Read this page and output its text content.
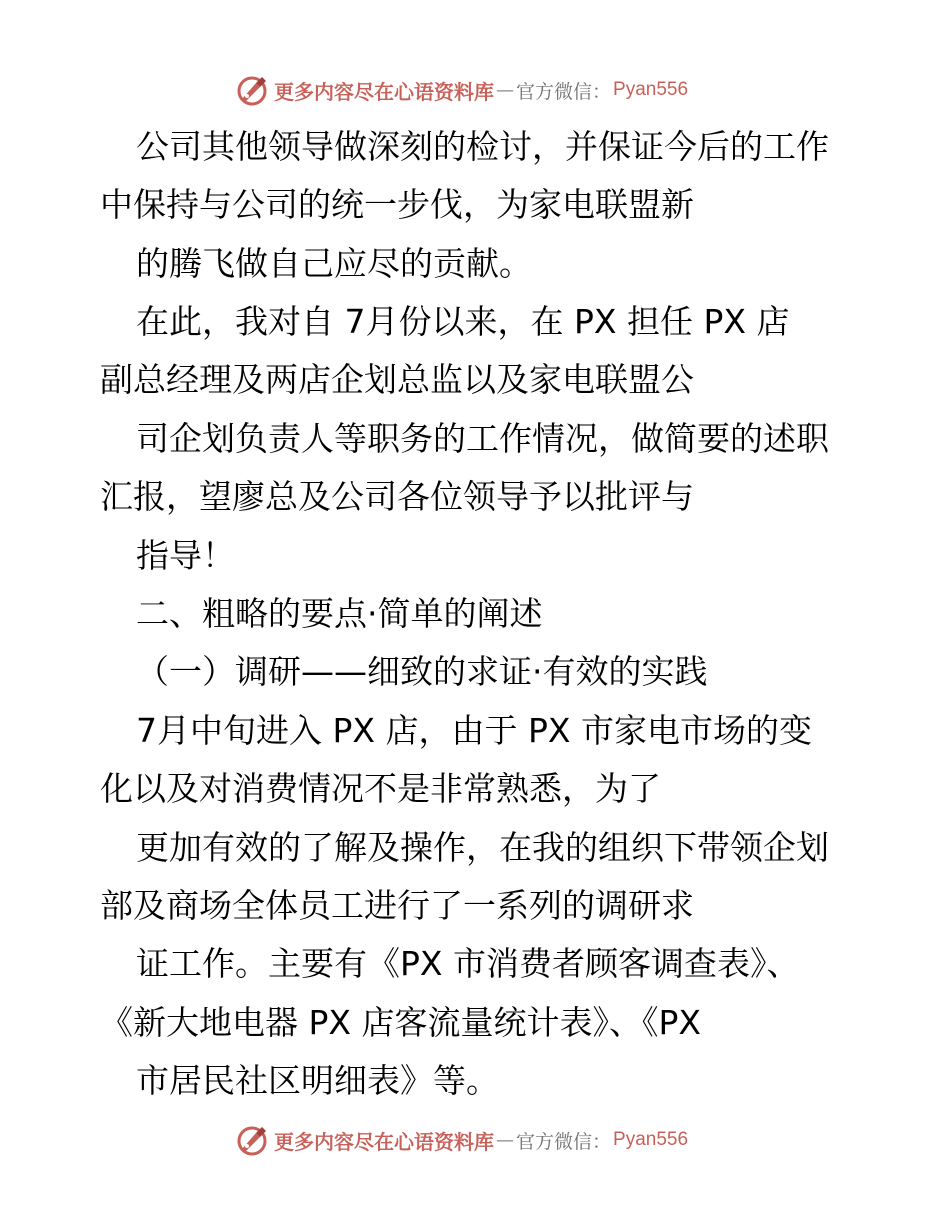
更多内容尽在心语资料库 — 官方微信： Pyan556
公司其他领导做深刻的检讨，并保证今后的工作
中保持与公司的统一步伐，为家电联盟新
的腾飞做自己应尽的贡献。
在此，我对自 7月份以来，在 PX 担任 PX 店
副总经理及两店企划总监以及家电联盟公
司企划负责人等职务的工作情况，做简要的述职
汇报，望廖总及公司各位领导予以批评与
指导！
二、粗略的要点·简单的阐述
（一）调研——细致的求证·有效的实践
7月中旬进入 PX 店，由于 PX 市家电市场的变
化以及对消费情况不是非常熟悉，为了
更加有效的了解及操作，在我的组织下带领企划
部及商场全体员工进行了一系列的调研求
证工作。主要有《PX 市消费者顾客调查表》、
《新大地电器 PX 店客流量统计表》、《PX
市居民社区明细表》等。
更多内容尽在心语资料库 — 官方微信： Pyan556
